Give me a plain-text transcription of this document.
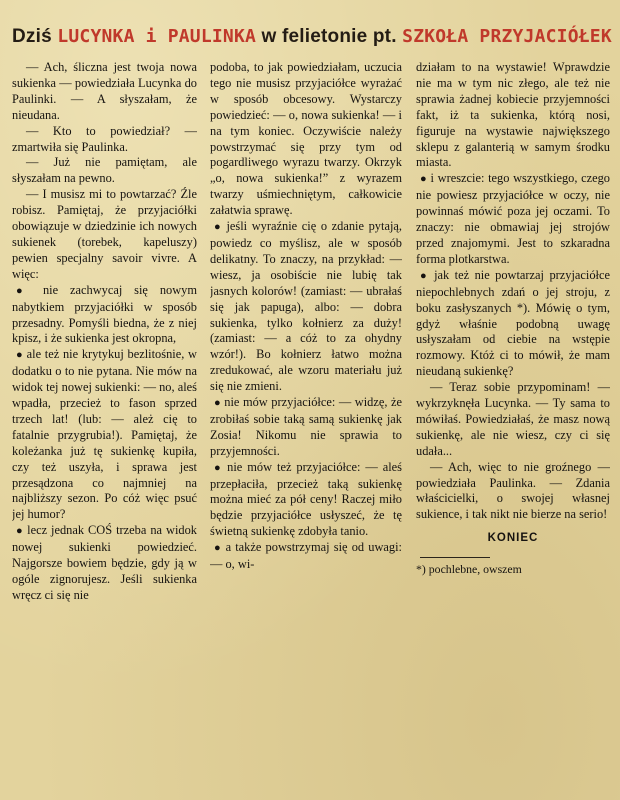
Dziś LUCYNKA i PAULINKA w felietonie pt. SZKOŁA PRZYJACIÓŁEK

— Ach, śliczna jest twoja nowa sukienka — powiedziała Lucynka do Paulinki. — A słyszałam, że nieudana.

— Kto to powiedział? — zmartwiła się Paulinka.

— Już nie pamiętam, ale słyszałam na pewno.

— I musisz mi to powtarzać? Źle robisz. Pamiętaj, że przyjaciółki obowiązuje w dziedzinie ich nowych sukienek (torebek, kapeluszy) pewien specjalny savoir vivre. A więc:

● nie zachwycaj się nowym nabytkiem przyjaciółki w sposób przesadny. Pomyśli biedna, że z niej kpisz, i że sukienka jest okropna,

● ale też nie krytykuj bezlitośnie, w dodatku o to nie pytana. Nie mów na widok tej nowej sukienki: — no, aleś wpadła, przecież to fason sprzed trzech lat! (lub: — ależ cię to fatalnie przygrubia!). Pamiętaj, że koleżanka już tę sukienkę kupiła, czy też uszyła, i sprawa jest przesądzona co najmniej na najbliższy sezon. Po cóż więc psuć jej humor?

● lecz jednak COŚ trzeba na widok nowej sukienki powiedzieć. Najgorsze bowiem będzie, gdy ją w ogóle zignorujesz. Jeśli sukienka wręcz ci się nie

podoba, to jak powiedziałam, uczucia tego nie musisz przyjaciółce wyrażać w sposób obcesowy. Wystarczy powiedzieć: — o, nowa sukienka! — i na tym koniec. Oczywiście należy powstrzymać się przy tym od pogardliwego wyrazu twarzy. Okrzyk „o, nowa sukienka!” z wyrazem twarzy uśmiechniętym, całkowicie załatwia sprawę.

● jeśli wyraźnie cię o zdanie pytają, powiedz co myślisz, ale w sposób delikatny. To znaczy, na przykład: — wiesz, ja osobiście nie lubię tak jasnych kolorów! (zamiast: — ubrałaś się jak papuga), albo: — dobra sukienka, tylko kołnierz za duży! (zamiast: — a cóż to za ohydny wzór!). Bo kołnierz łatwo można zredukować, ale wzoru materiału już się nie zmieni.

● nie mów przyjaciółce: — widzę, że zrobiłaś sobie taką samą sukienkę jak Zosia! Nikomu nie sprawia to przyjemności.

● nie mów też przyjaciółce: — aleś przepłaciła, przecież taką sukienkę można mieć za pół ceny! Raczej miło będzie przyjaciółce usłyszeć, że tę świetną sukienkę zdobyła tanio.

● a także powstrzymaj się od uwagi: — o, wi-

działam to na wystawie! Wprawdzie nie ma w tym nic złego, ale też nie sprawia żadnej kobiecie przyjemności fakt, iż ta sukienka, którą nosi, figuruje na wystawie największego sklepu z galanterią w samym środku miasta.

● i wreszcie: tego wszystkiego, czego nie powiesz przyjaciółce w oczy, nie powinnaś mówić poza jej oczami. To znaczy: nie obmawiaj jej strojów przed znajomymi. Jest to szkaradna forma plotkarstwa.

● jak też nie powtarzaj przyjaciółce niepochlebnych zdań o jej stroju, z boku zasłyszanych *). Mówię o tym, gdyż właśnie podobną uwagę usłyszałam od ciebie na wstępie rozmowy. Któż ci to mówił, że mam nieudaną sukienkę?

— Teraz sobie przypominam! — wykrzyknęła Lucynka. — Ty sama to mówiłaś. Powiedziałaś, że masz nową sukienkę, ale nie wiesz, czy ci się udała...

— Ach, więc to nie groźnego — powiedziała Paulinka. — Zdania właścicielki, o swojej własnej sukience, i tak nikt nie bierze na serio!

KONIEC

*) pochlebne, owszem
